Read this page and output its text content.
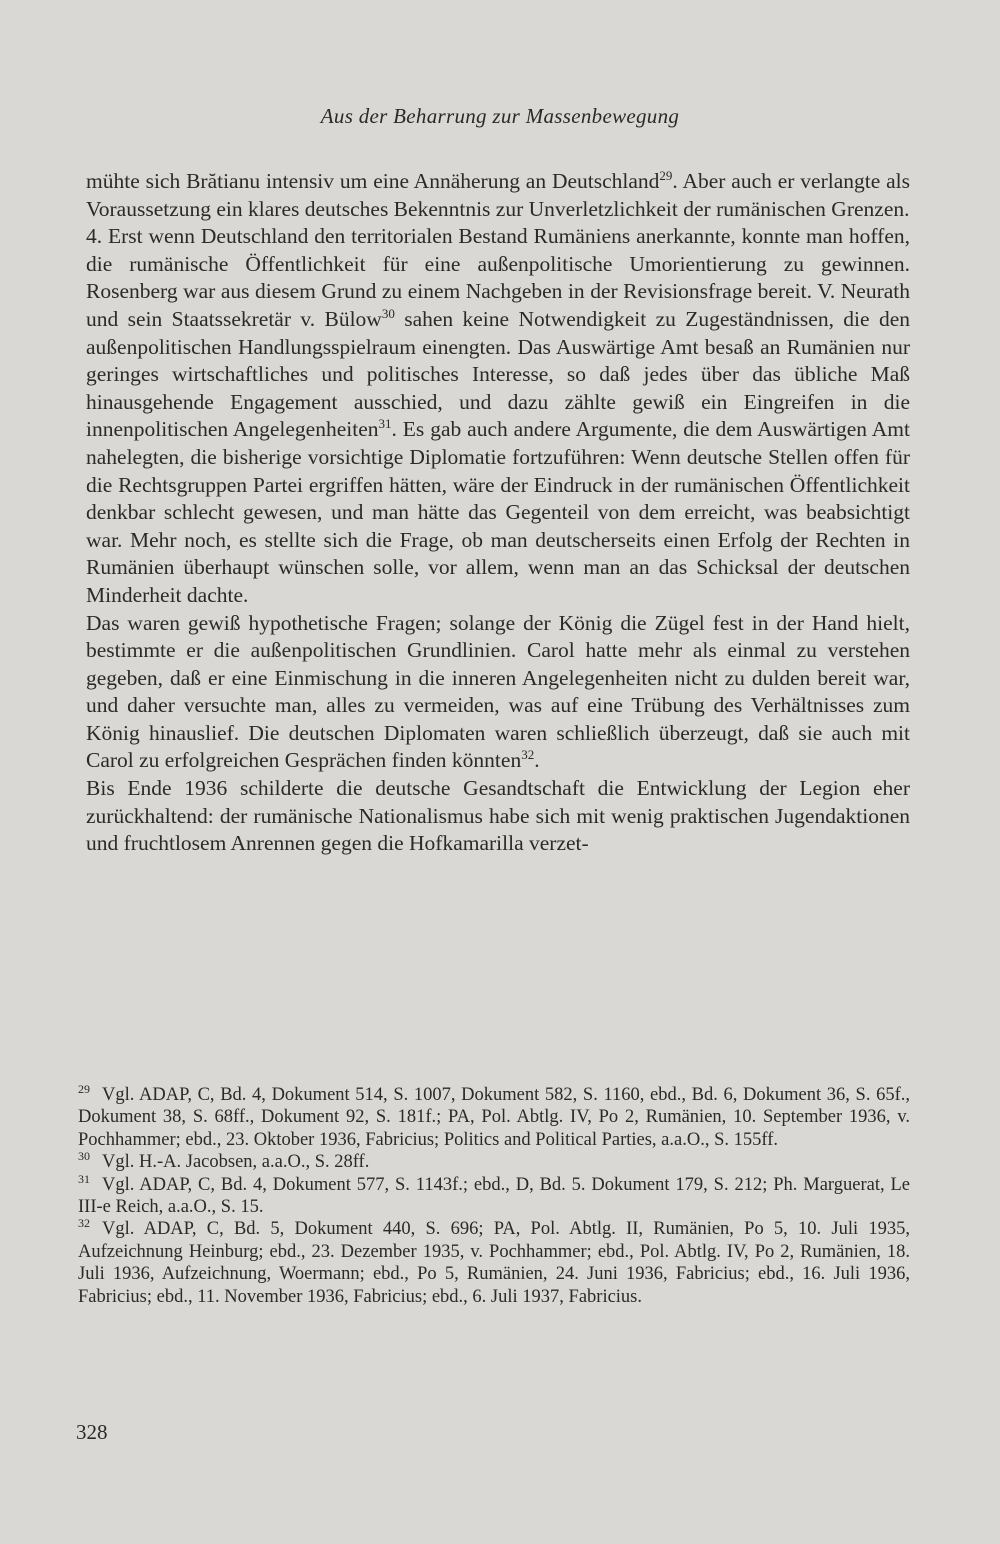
Aus der Beharrung zur Massenbewegung

mühte sich Brătianu intensiv um eine Annäherung an Deutschland$^{29}$. Aber auch er verlangte als Voraussetzung ein klares deutsches Bekenntnis zur Unverletzlichkeit der rumänischen Grenzen.

4. Erst wenn Deutschland den territorialen Bestand Rumäniens anerkannte, konnte man hoffen, die rumänische Öffentlichkeit für eine außenpolitische Umorientierung zu gewinnen. Rosenberg war aus diesem Grund zu einem Nachgeben in der Revisionsfrage bereit. V. Neurath und sein Staatssekretär v. Bülow$^{30}$ sahen keine Notwendigkeit zu Zugeständnissen, die den außenpolitischen Handlungsspielraum einengten. Das Auswärtige Amt besaß an Rumänien nur geringes wirtschaftliches und politisches Interesse, so daß jedes über das übliche Maß hinausgehende Engagement ausschied, und dazu zählte gewiß ein Eingreifen in die innenpolitischen Angelegenheiten$^{31}$. Es gab auch andere Argumente, die dem Auswärtigen Amt nahelegten, die bisherige vorsichtige Diplomatie fortzuführen: Wenn deutsche Stellen offen für die Rechtsgruppen Partei ergriffen hätten, wäre der Eindruck in der rumänischen Öffentlichkeit denkbar schlecht gewesen, und man hätte das Gegenteil von dem erreicht, was beabsichtigt war. Mehr noch, es stellte sich die Frage, ob man deutscherseits einen Erfolg der Rechten in Rumänien überhaupt wünschen solle, vor allem, wenn man an das Schicksal der deutschen Minderheit dachte.

Das waren gewiß hypothetische Fragen; solange der König die Zügel fest in der Hand hielt, bestimmte er die außenpolitischen Grundlinien. Carol hatte mehr als einmal zu verstehen gegeben, daß er eine Einmischung in die inneren Angelegenheiten nicht zu dulden bereit war, und daher versuchte man, alles zu vermeiden, was auf eine Trübung des Verhältnisses zum König hinauslief. Die deutschen Diplomaten waren schließlich überzeugt, daß sie auch mit Carol zu erfolgreichen Gesprächen finden könnten$^{32}$.

Bis Ende 1936 schilderte die deutsche Gesandtschaft die Entwicklung der Legion eher zurückhaltend: der rumänische Nationalismus habe sich mit wenig praktischen Jugendaktionen und fruchtlosem Anrennen gegen die Hofkamarilla verzet-

$^{29}$ Vgl. ADAP, C, Bd. 4, Dokument 514, S. 1007, Dokument 582, S. 1160, ebd., Bd. 6, Dokument 36, S. 65f., Dokument 38, S. 68ff., Dokument 92, S. 181f.; PA, Pol. Abtlg. IV, Po 2, Rumänien, 10. September 1936, v. Pochhammer; ebd., 23. Oktober 1936, Fabricius; Politics and Political Parties, a.a.O., S. 155ff.

$^{30}$ Vgl. H.-A. Jacobsen, a.a.O., S. 28ff.

$^{31}$ Vgl. ADAP, C, Bd. 4, Dokument 577, S. 1143f.; ebd., D, Bd. 5. Dokument 179, S. 212; Ph. Marguerat, Le III-e Reich, a.a.O., S. 15.

$^{32}$ Vgl. ADAP, C, Bd. 5, Dokument 440, S. 696; PA, Pol. Abtlg. II, Rumänien, Po 5, 10. Juli 1935, Aufzeichnung Heinburg; ebd., 23. Dezember 1935, v. Pochhammer; ebd., Pol. Abtlg. IV, Po 2, Rumänien, 18. Juli 1936, Aufzeichnung, Woermann; ebd., Po 5, Rumänien, 24. Juni 1936, Fabricius; ebd., 16. Juli 1936, Fabricius; ebd., 11. November 1936, Fabricius; ebd., 6. Juli 1937, Fabricius.

328
